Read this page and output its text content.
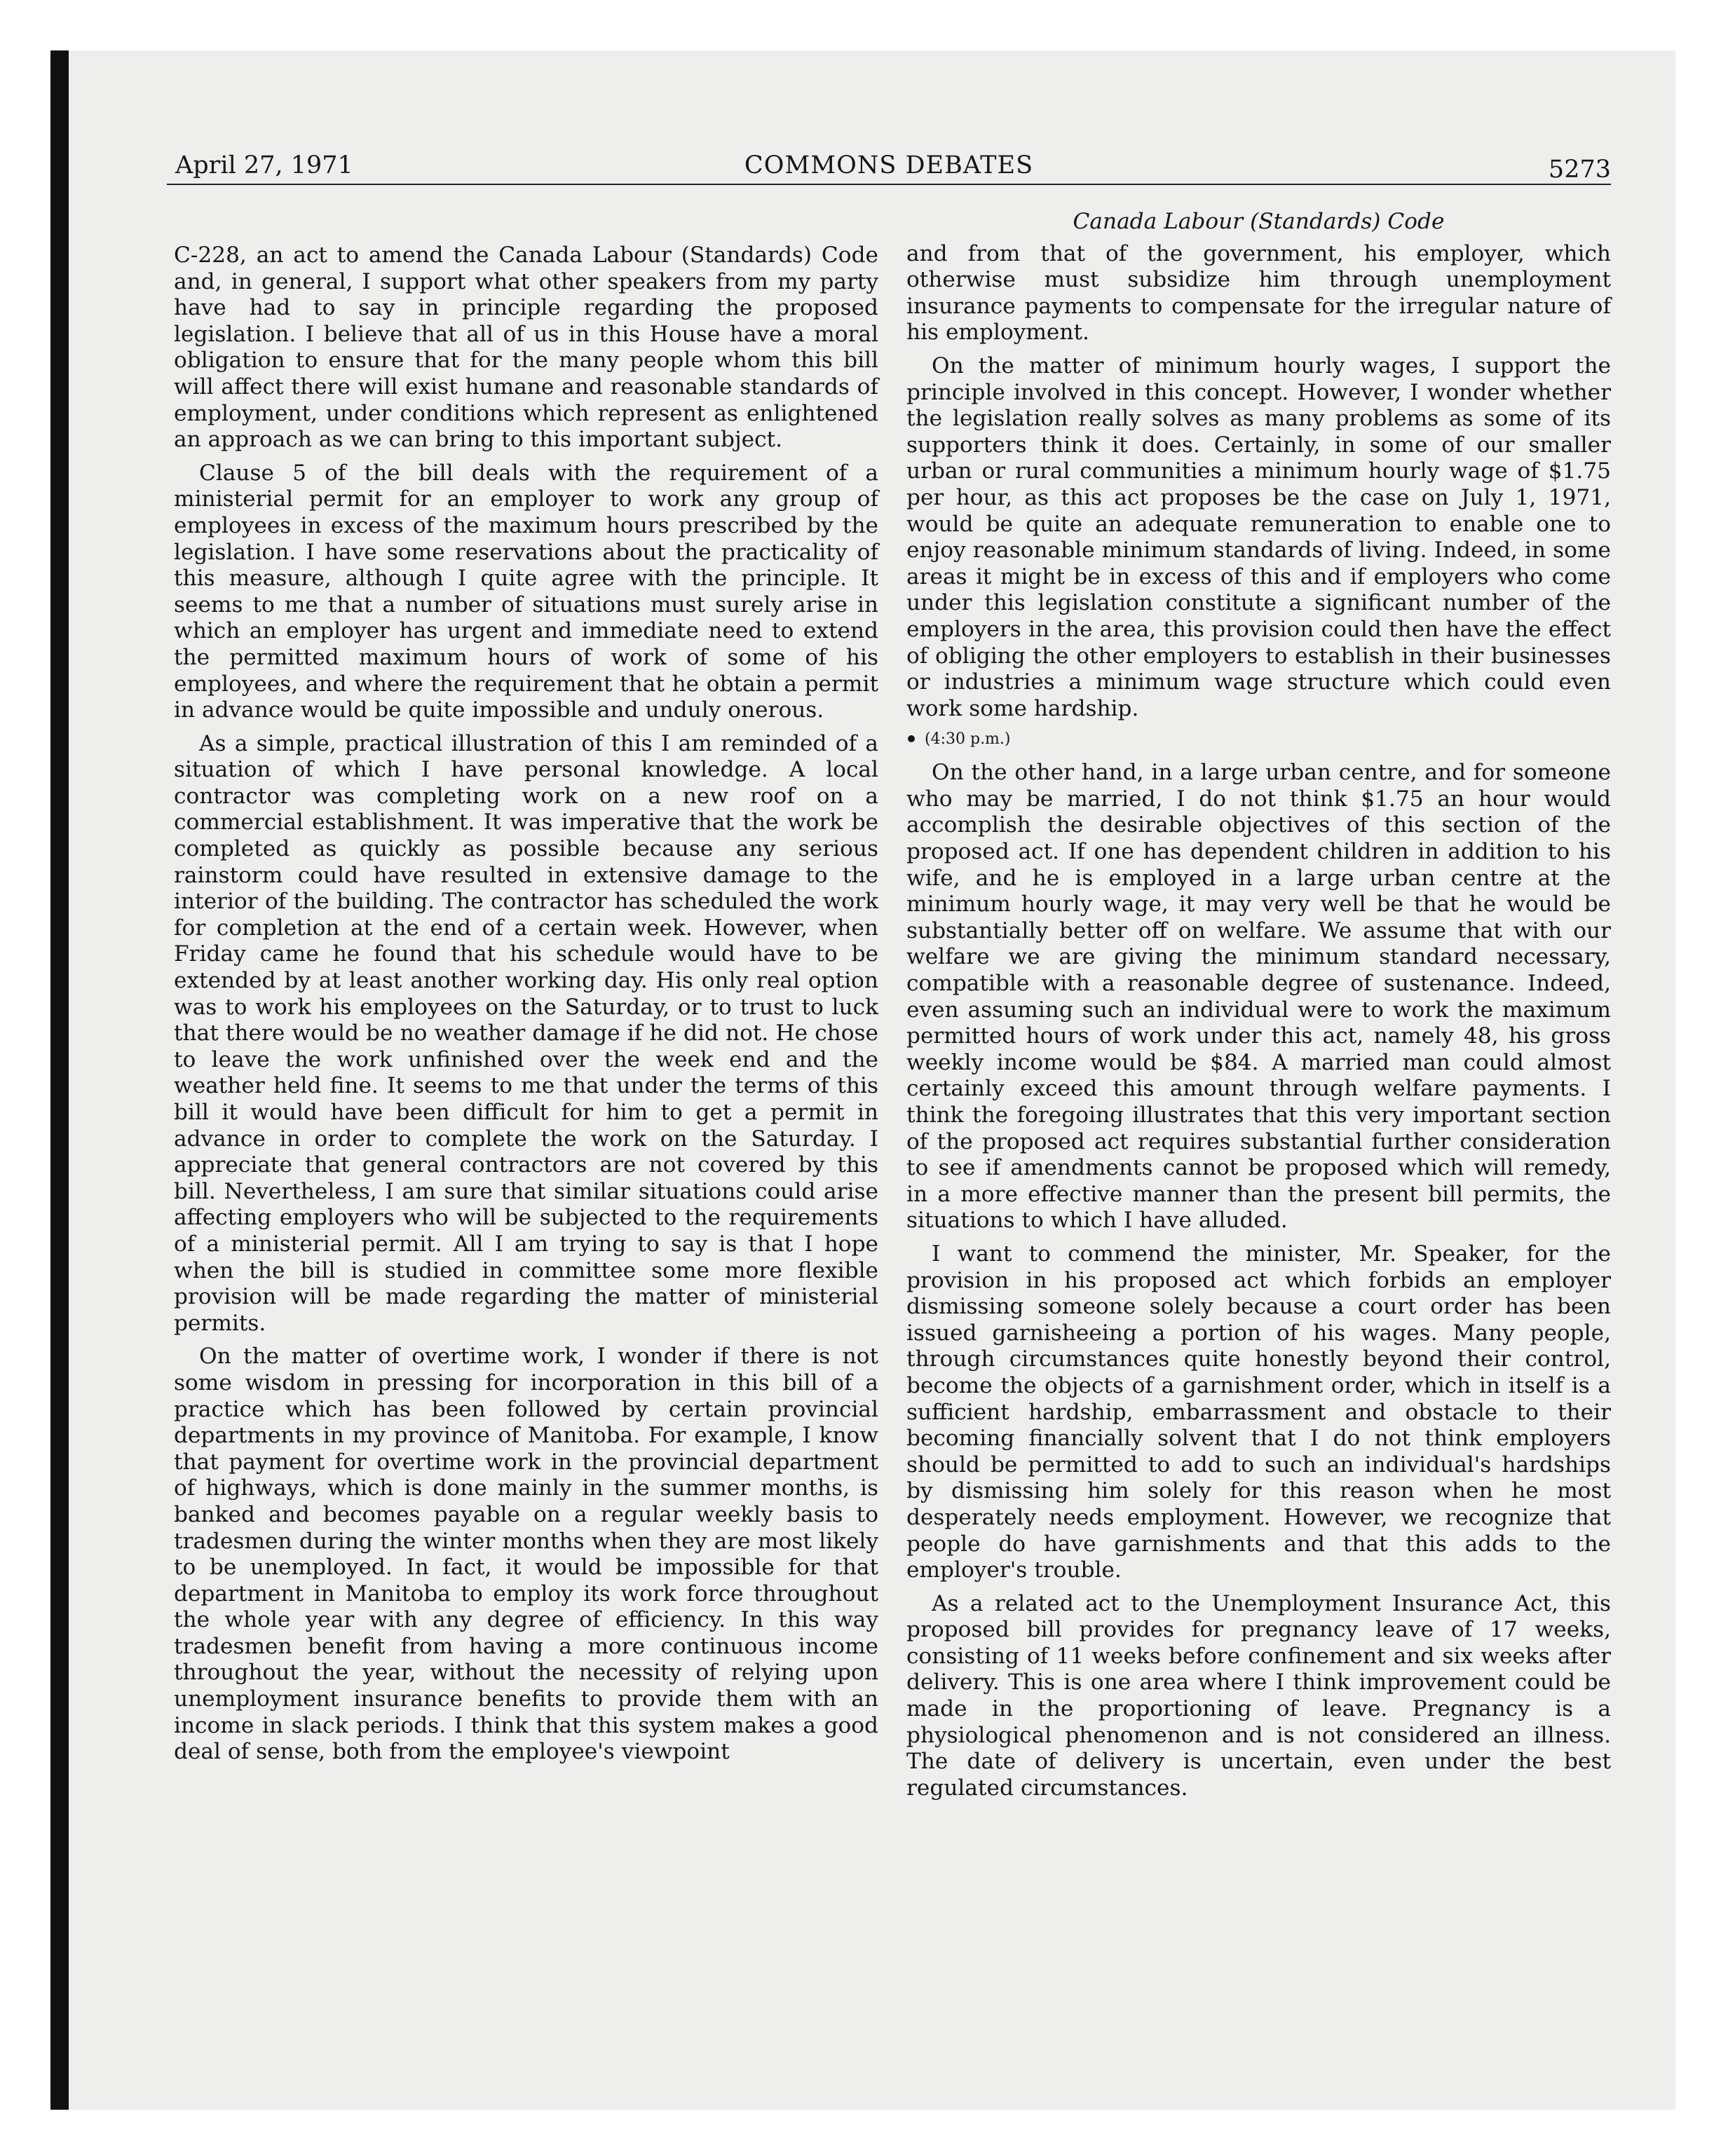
April 27, 1971	COMMONS DEBATES	5273

C-228, an act to amend the Canada Labour (Standards) Code and, in general, I support what other speakers from my party have had to say in principle regarding the proposed legislation. I believe that all of us in this House have a moral obligation to ensure that for the many people whom this bill will affect there will exist humane and reasonable standards of employment, under conditions which represent as enlightened an approach as we can bring to this important subject.

Clause 5 of the bill deals with the requirement of a ministerial permit for an employer to work any group of employees in excess of the maximum hours prescribed by the legislation. I have some reservations about the practicality of this measure, although I quite agree with the principle. It seems to me that a number of situations must surely arise in which an employer has urgent and immediate need to extend the permitted maximum hours of work of some of his employees, and where the requirement that he obtain a permit in advance would be quite impossible and unduly onerous.

As a simple, practical illustration of this I am reminded of a situation of which I have personal knowledge. A local contractor was completing work on a new roof on a commercial establishment. It was imperative that the work be completed as quickly as possible because any serious rainstorm could have resulted in extensive damage to the interior of the building. The contractor has scheduled the work for completion at the end of a certain week. However, when Friday came he found that his schedule would have to be extended by at least another working day. His only real option was to work his employees on the Saturday, or to trust to luck that there would be no weather damage if he did not. He chose to leave the work unfinished over the week end and the weather held fine. It seems to me that under the terms of this bill it would have been difficult for him to get a permit in advance in order to complete the work on the Saturday. I appreciate that general contractors are not covered by this bill. Nevertheless, I am sure that similar situations could arise affecting employers who will be subjected to the requirements of a ministerial permit. All I am trying to say is that I hope when the bill is studied in committee some more flexible provision will be made regarding the matter of ministerial permits.

On the matter of overtime work, I wonder if there is not some wisdom in pressing for incorporation in this bill of a practice which has been followed by certain provincial departments in my province of Manitoba. For example, I know that payment for overtime work in the provincial department of highways, which is done mainly in the summer months, is banked and becomes payable on a regular weekly basis to tradesmen during the winter months when they are most likely to be unemployed. In fact, it would be impossible for that department in Manitoba to employ its work force throughout the whole year with any degree of efficiency. In this way tradesmen benefit from having a more continuous income throughout the year, without the necessity of relying upon unemployment insurance benefits to provide them with an income in slack periods. I think that this system makes a good deal of sense, both from the employee's viewpoint

Canada Labour (Standards) Code

and from that of the government, his employer, which otherwise must subsidize him through unemployment insurance payments to compensate for the irregular nature of his employment.

On the matter of minimum hourly wages, I support the principle involved in this concept. However, I wonder whether the legislation really solves as many problems as some of its supporters think it does. Certainly, in some of our smaller urban or rural communities a minimum hourly wage of $1.75 per hour, as this act proposes be the case on July 1, 1971, would be quite an adequate remuneration to enable one to enjoy reasonable minimum standards of living. Indeed, in some areas it might be in excess of this and if employers who come under this legislation constitute a significant number of the employers in the area, this provision could then have the effect of obliging the other employers to establish in their businesses or industries a minimum wage structure which could even work some hardship.

(4:30 p.m.)

On the other hand, in a large urban centre, and for someone who may be married, I do not think $1.75 an hour would accomplish the desirable objectives of this section of the proposed act. If one has dependent children in addition to his wife, and he is employed in a large urban centre at the minimum hourly wage, it may very well be that he would be substantially better off on welfare. We assume that with our welfare we are giving the minimum standard necessary, compatible with a reasonable degree of sustenance. Indeed, even assuming such an individual were to work the maximum permitted hours of work under this act, namely 48, his gross weekly income would be $84. A married man could almost certainly exceed this amount through welfare payments. I think the foregoing illustrates that this very important section of the proposed act requires substantial further consideration to see if amendments cannot be proposed which will remedy, in a more effective manner than the present bill permits, the situations to which I have alluded.

I want to commend the minister, Mr. Speaker, for the provision in his proposed act which forbids an employer dismissing someone solely because a court order has been issued garnisheeing a portion of his wages. Many people, through circumstances quite honestly beyond their control, become the objects of a garnishment order, which in itself is a sufficient hardship, embarrassment and obstacle to their becoming financially solvent that I do not think employers should be permitted to add to such an individual's hardships by dismissing him solely for this reason when he most desperately needs employment. However, we recognize that people do have garnishments and that this adds to the employer's trouble.

As a related act to the Unemployment Insurance Act, this proposed bill provides for pregnancy leave of 17 weeks, consisting of 11 weeks before confinement and six weeks after delivery. This is one area where I think improvement could be made in the proportioning of leave. Pregnancy is a physiological phenomenon and is not considered an illness. The date of delivery is uncertain, even under the best regulated circumstances.
